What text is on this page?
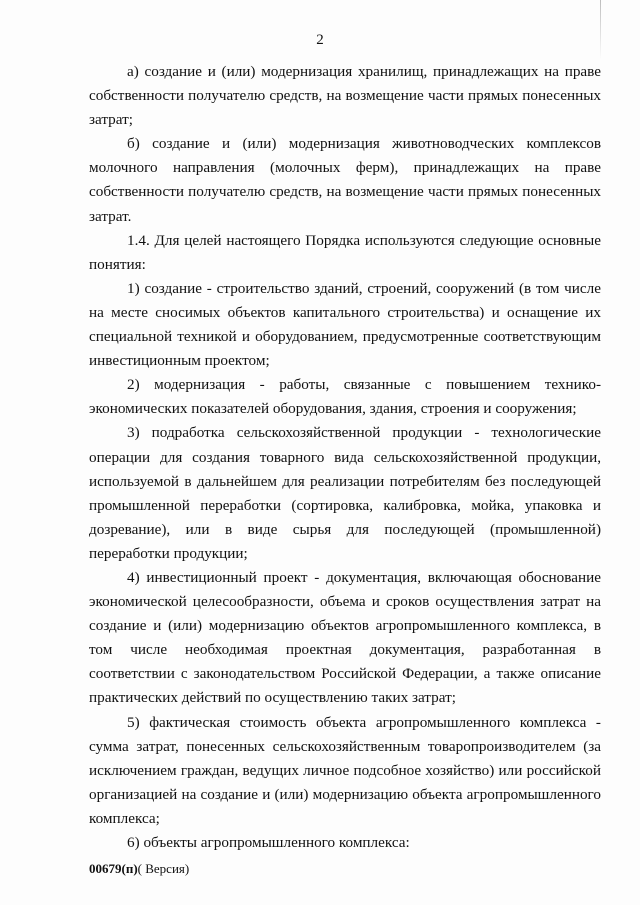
2

а) создание и (или) модернизация хранилищ, принадлежащих на праве собственности получателю средств, на возмещение части прямых понесенных затрат;

б) создание и (или) модернизация животноводческих комплексов молочного направления (молочных ферм), принадлежащих на праве собственности получателю средств, на возмещение части прямых понесенных затрат.

1.4. Для целей настоящего Порядка используются следующие основные понятия:

1) создание - строительство зданий, строений, сооружений (в том числе на месте сносимых объектов капитального строительства) и оснащение их специальной техникой и оборудованием, предусмотренные соответствующим инвестиционным проектом;

2) модернизация - работы, связанные с повышением технико-экономических показателей оборудования, здания, строения и сооружения;

3) подработка сельскохозяйственной продукции - технологические операции для создания товарного вида сельскохозяйственной продукции, используемой в дальнейшем для реализации потребителям без последующей промышленной переработки (сортировка, калибровка, мойка, упаковка и дозревание), или в виде сырья для последующей (промышленной) переработки продукции;

4) инвестиционный проект - документация, включающая обоснование экономической целесообразности, объема и сроков осуществления затрат на создание и (или) модернизацию объектов агропромышленного комплекса, в том числе необходимая проектная документация, разработанная в соответствии с законодательством Российской Федерации, а также описание практических действий по осуществлению таких затрат;

5) фактическая стоимость объекта агропромышленного комплекса - сумма затрат, понесенных сельскохозяйственным товаропроизводителем (за исключением граждан, ведущих личное подсобное хозяйство) или российской организацией на создание и (или) модернизацию объекта агропромышленного комплекса;

6) объекты агропромышленного комплекса:

00679(п)( Версия)
